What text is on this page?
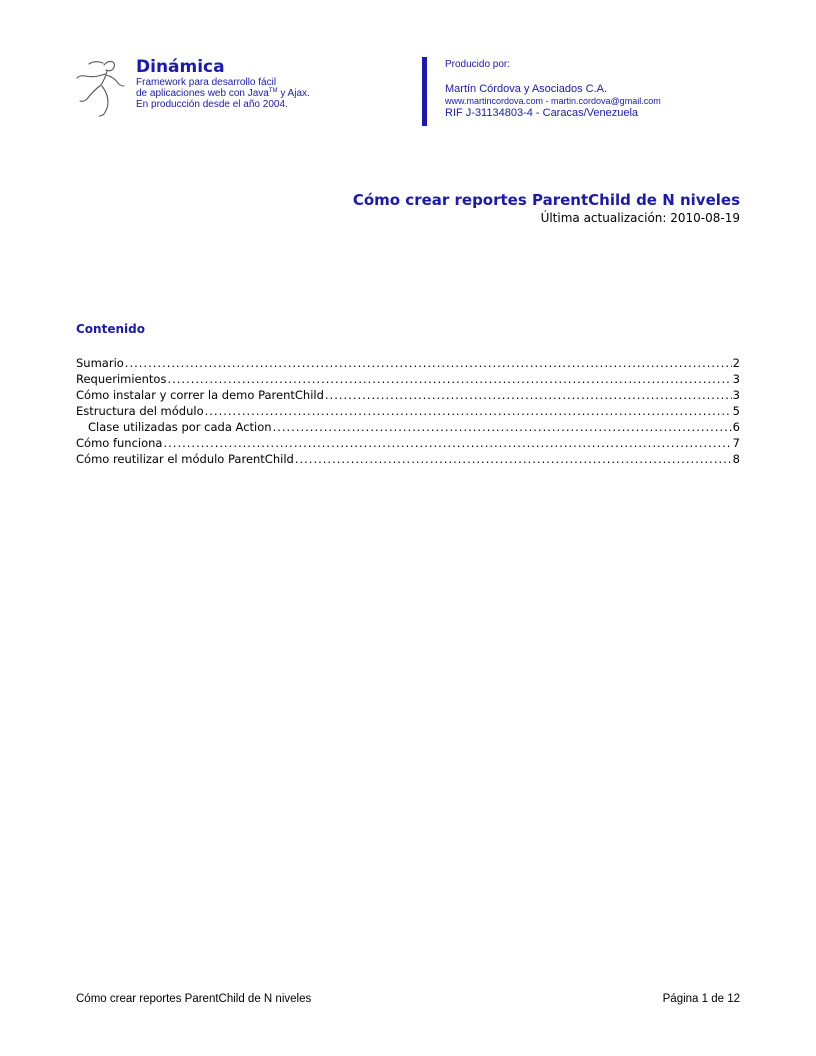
Dinámica
Framework para desarrollo fácil
de aplicaciones web con Java™ y Ajax.
En producción desde el año 2004.
Producido por:
Martín Córdova y Asociados C.A.
www.martincordova.com - martin.cordova@gmail.com
RIF J-31134803-4 - Caracas/Venezuela
Cómo crear reportes ParentChild de N niveles
Última actualización: 2010-08-19
Contenido
Sumario .....	2
Requerimientos .....	3
Cómo instalar y correr la demo ParentChild .....	3
Estructura del módulo .....	5
Clase utilizadas por cada Action .....	6
Cómo funciona .....	7
Cómo reutilizar el módulo ParentChild .....	8
Cómo crear reportes ParentChild de N niveles	Página 1 de 12
